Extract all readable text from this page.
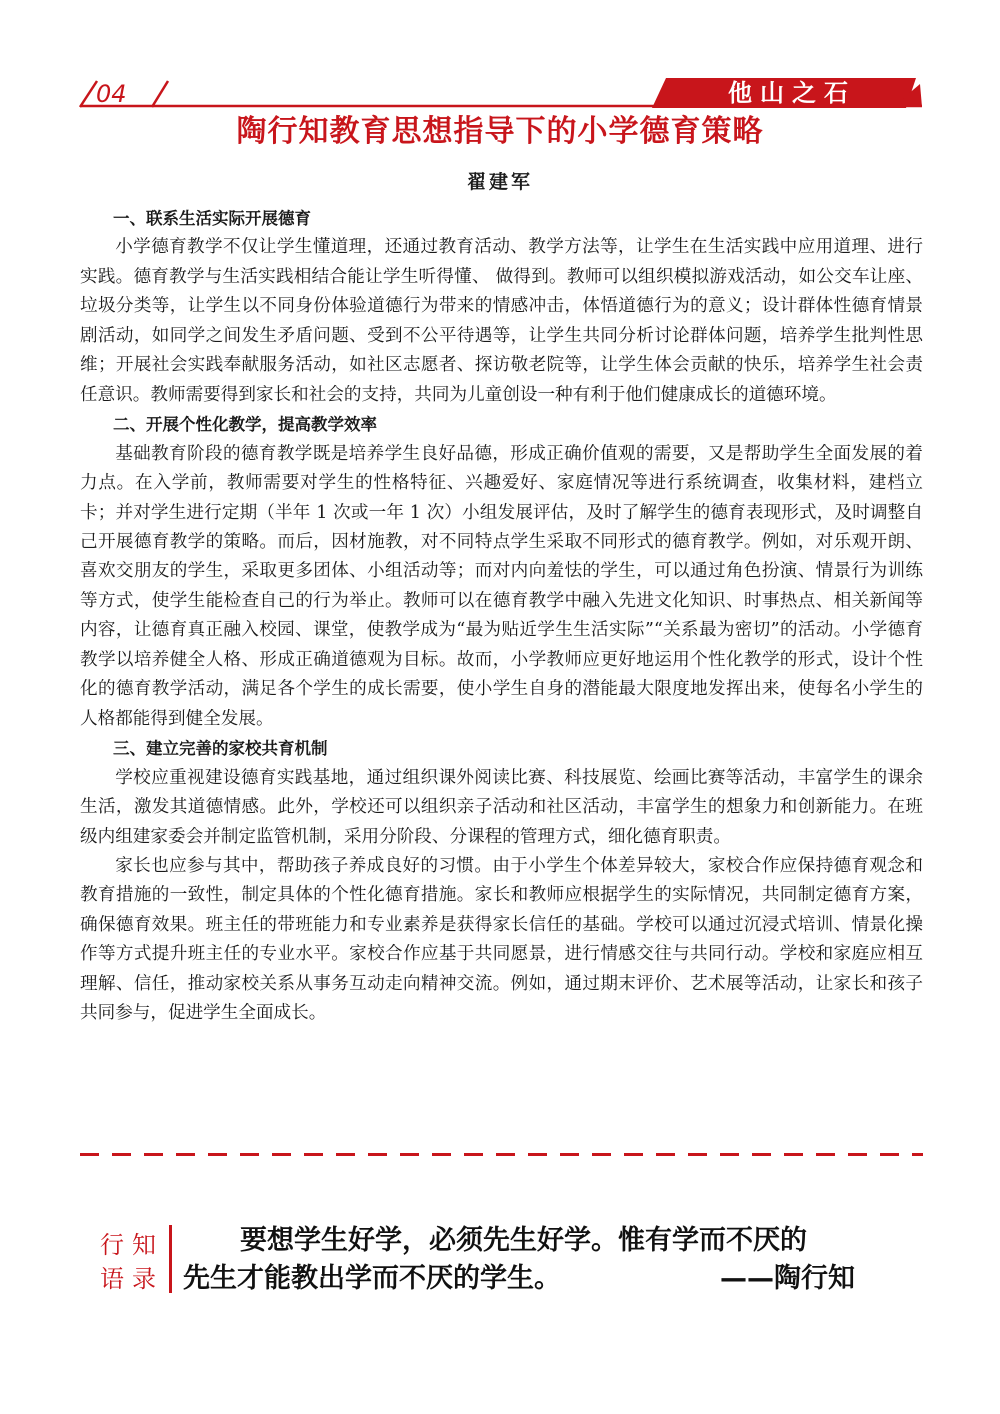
04	他山之石
陶行知教育思想指导下的小学德育策略
翟建军

一、联系生活实际开展德育

小学德育教学不仅让学生懂道理，还通过教育活动、教学方法等，让学生在生活实践中应用道理、进行实践。德育教学与生活实践相结合能让学生听得懂、 做得到。教师可以组织模拟游戏活动，如公交车让座、垃圾分类等，让学生以不同身份体验道德行为带来的情感冲击，体悟道德行为的意义；设计群体性德育情景剧活动，如同学之间发生矛盾问题、受到不公平待遇等，让学生共同分析讨论群体问题，培养学生批判性思维；开展社会实践奉献服务活动，如社区志愿者、探访敬老院等，让学生体会贡献的快乐，培养学生社会责任意识。教师需要得到家长和社会的支持，共同为儿童创设一种有利于他们健康成长的道德环境。

二、开展个性化教学，提高教学效率

基础教育阶段的德育教学既是培养学生良好品德，形成正确价值观的需要，又是帮助学生全面发展的着力点。在入学前，教师需要对学生的性格特征、兴趣爱好、家庭情况等进行系统调查，收集材料，建档立卡；并对学生进行定期（半年 1 次或一年 1 次）小组发展评估，及时了解学生的德育表现形式，及时调整自己开展德育教学的策略。而后，因材施教，对不同特点学生采取不同形式的德育教学。例如，对乐观开朗、喜欢交朋友的学生，采取更多团体、小组活动等；而对内向羞怯的学生，可以通过角色扮演、情景行为训练等方式，使学生能检查自己的行为举止。教师可以在德育教学中融入先进文化知识、时事热点、相关新闻等内容，让德育真正融入校园、课堂，使教学成为“最为贴近学生生活实际”“关系最为密切”的活动。小学德育教学以培养健全人格、形成正确道德观为目标。故而，小学教师应更好地运用个性化教学的形式，设计个性化的德育教学活动，满足各个学生的成长需要，使小学生自身的潜能最大限度地发挥出来，使每名小学生的人格都能得到健全发展。

三、建立完善的家校共育机制

学校应重视建设德育实践基地，通过组织课外阅读比赛、科技展览、绘画比赛等活动，丰富学生的课余生活，激发其道德情感。此外，学校还可以组织亲子活动和社区活动，丰富学生的想象力和创新能力。在班级内组建家委会并制定监管机制，采用分阶段、分课程的管理方式，细化德育职责。

家长也应参与其中，帮助孩子养成良好的习惯。由于小学生个体差异较大，家校合作应保持德育观念和教育措施的一致性，制定具体的个性化德育措施。家长和教师应根据学生的实际情况，共同制定德育方案，确保德育效果。班主任的带班能力和专业素养是获得家长信任的基础。学校可以通过沉浸式培训、情景化操作等方式提升班主任的专业水平。家校合作应基于共同愿景，进行情感交往与共同行动。学校和家庭应相互理解、信任，推动家校关系从事务互动走向精神交流。例如，通过期末评价、艺术展等活动，让家长和孩子共同参与，促进学生全面成长。

行知
语录
要想学生好学，必须先生好学。惟有学而不厌的
先生才能教出学而不厌的学生。	——陶行知
